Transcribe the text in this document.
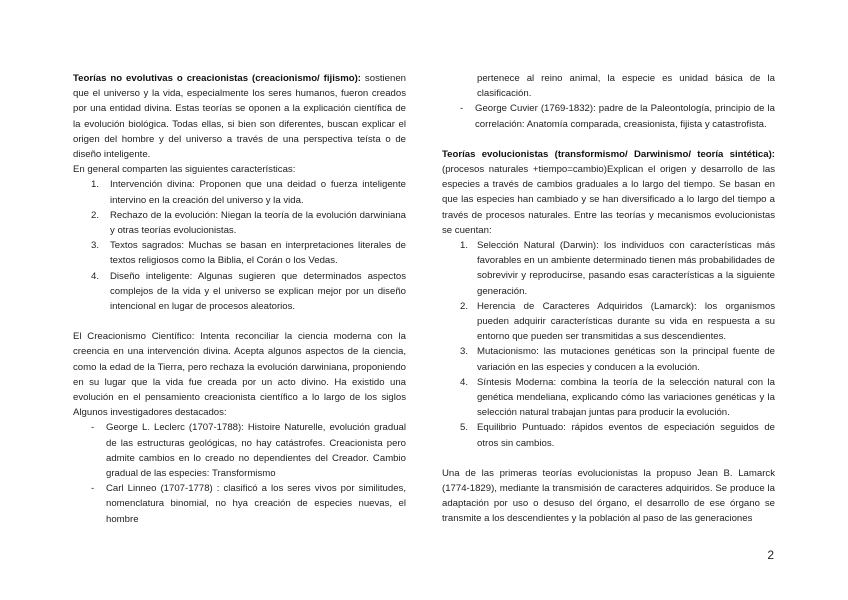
Teorías no evolutivas o creacionistas (creacionismo/ fijismo): sostienen que el universo y la vida, especialmente los seres humanos, fueron creados por una entidad divina. Estas teorías se oponen a la explicación científica de la evolución biológica. Todas ellas, si bien son diferentes, buscan explicar el origen del hombre y del universo a través de una perspectiva teísta o de diseño inteligente.

En general comparten las siguientes características:

1. Intervención divina: Proponen que una deidad o fuerza inteligente intervino en la creación del universo y la vida.
2. Rechazo de la evolución: Niegan la teoría de la evolución darwiniana y otras teorías evolucionistas.
3. Textos sagrados: Muchas se basan en interpretaciones literales de textos religiosos como la Biblia, el Corán o los Vedas.
4. Diseño inteligente: Algunas sugieren que determinados aspectos complejos de la vida y el universo se explican mejor por un diseño intencional en lugar de procesos aleatorios.

El Creacionismo Científico: Intenta reconciliar la ciencia moderna con la creencia en una intervención divina. Acepta algunos aspectos de la ciencia, como la edad de la Tierra, pero rechaza la evolución darwiniana, proponiendo en su lugar que la vida fue creada por un acto divino. Ha existido una evolución en el pensamiento creacionista científico a lo largo de los siglos Algunos investigadores destacados:

- George L. Leclerc (1707-1788): Histoire Naturelle, evolución gradual de las estructuras geológicas, no hay catástrofes. Creacionista pero admite cambios en lo creado no dependientes del Creador. Cambio gradual de las especies: Transformismo
- Carl Linneo (1707-1778) : clasificó a los seres vivos por similitudes, nomenclatura binomial, no hya creación de especies nuevas, el hombre

pertenece al reino animal, la especie es unidad básica de la clasificación.

- George Cuvier (1769-1832): padre de la Paleontología, principio de la correlación: Anatomía comparada, creasionista, fijista y catastrofista.

Teorías evolucionistas (transformismo/ Darwinismo/ teoría sintética): (procesos naturales +tiempo=cambio)Explican el origen y desarrollo de las especies a través de cambios graduales a lo largo del tiempo. Se basan en que las especies han cambiado y se han diversificado a lo largo del tiempo a través de procesos naturales. Entre las teorías y mecanismos evolucionistas se cuentan:

1. Selección Natural (Darwin): los individuos con características más favorables en un ambiente determinado tienen más probabilidades de sobrevivir y reproducirse, pasando esas características a la siguiente generación.
2. Herencia de Caracteres Adquiridos (Lamarck): los organismos pueden adquirir características durante su vida en respuesta a su entorno que pueden ser transmitidas a sus descendientes.
3. Mutacionismo: las mutaciones genéticas son la principal fuente de variación en las especies y conducen a la evolución.
4. Síntesis Moderna: combina la teoría de la selección natural con la genética mendeliana, explicando cómo las variaciones genéticas y la selección natural trabajan juntas para producir la evolución.
5. Equilibrio Puntuado: rápidos eventos de especiación seguidos de otros sin cambios.

Una de las primeras teorías evolucionistas la propuso Jean B. Lamarck (1774-1829), mediante la transmisión de caracteres adquiridos. Se produce la adaptación por uso o desuso del órgano, el desarrollo de ese órgano se transmite a los descendientes y la población al paso de las generaciones

2
